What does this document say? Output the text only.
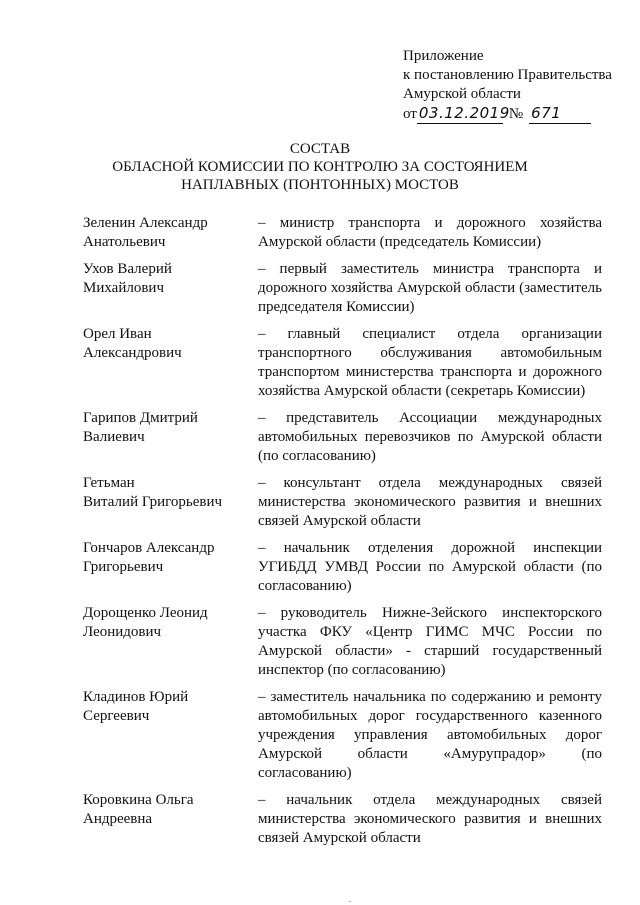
Приложение
к постановлению Правительства
Амурской области
от 03.12.2019 № 671
СОСТАВ
ОБЛАСНОЙ КОМИССИИ ПО КОНТРОЛЮ ЗА СОСТОЯНИЕМ
НАПЛАВНЫХ (ПОНТОННЫХ) МОСТОВ
Зеленин Александр
Анатольевич
– министр транспорта и дорожного хозяйства Амурской области (председатель Комиссии)
Ухов Валерий
Михайлович
– первый заместитель министра транспорта и дорожного хозяйства Амурской области (заместитель председателя Комиссии)
Орел Иван
Александрович
– главный специалист отдела организации транспортного обслуживания автомобильным транспортом министерства транспорта и дорожного хозяйства Амурской области (секретарь Комиссии)
Гарипов Дмитрий
Валиевич
– представитель Ассоциации международных автомобильных перевозчиков по Амурской области (по согласованию)
Гетьман
Виталий Григорьевич
– консультант отдела международных связей министерства экономического развития и внешних связей Амурской области
Гончаров Александр
Григорьевич
– начальник отделения дорожной инспекции УГИБДД УМВД России по Амурской области (по согласованию)
Дорощенко Леонид
Леонидович
– руководитель Нижне-Зейского инспекторского участка ФКУ «Центр ГИМС МЧС России по Амурской области» - старший государственный инспектор (по согласованию)
Кладинов Юрий
Сергеевич
– заместитель начальника по содержанию и ремонту автомобильных дорог государственного казенного учреждения управления автомобильных дорог Амурской области «Амурупрадор» (по согласованию)
Коровкина Ольга
Андреевна
– начальник отдела международных связей министерства экономического развития и внешних связей Амурской области
.
